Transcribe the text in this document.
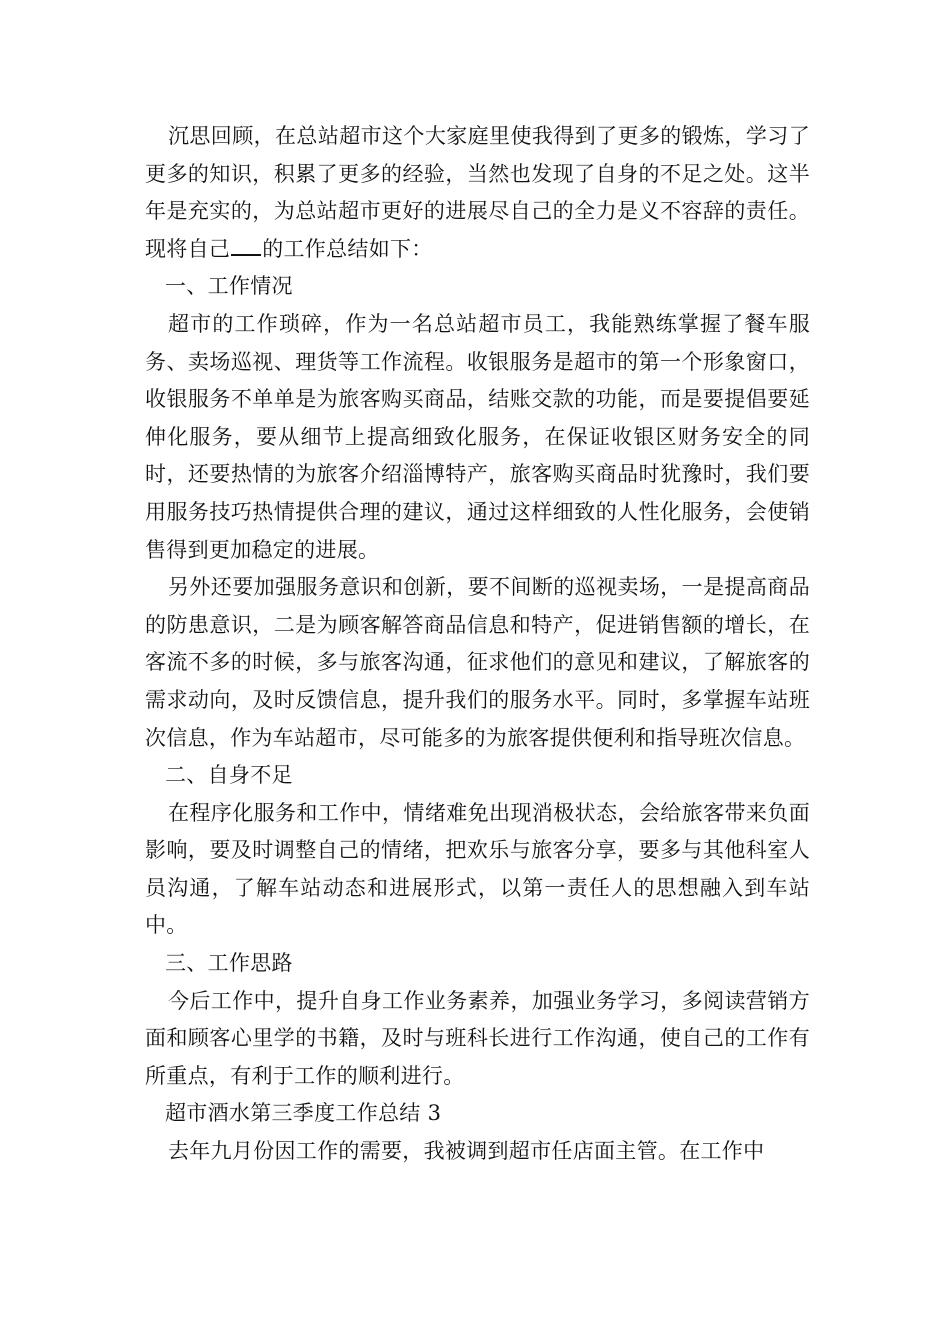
沉思回顾，在总站超市这个大家庭里使我得到了更多的锻炼，学习了更多的知识，积累了更多的经验，当然也发现了自身的不足之处。这半年是充实的，为总站超市更好的进展尽自己的全力是义不容辞的责任。现将自己 的工作总结如下：

一、工作情况

超市的工作琐碎，作为一名总站超市员工，我能熟练掌握了餐车服务、卖场巡视、理货等工作流程。收银服务是超市的第一个形象窗口，收银服务不单单是为旅客购买商品，结账交款的功能，而是要提倡要延伸化服务，要从细节上提高细致化服务，在保证收银区财务安全的同时，还要热情的为旅客介绍淄博特产，旅客购买商品时犹豫时，我们要用服务技巧热情提供合理的建议，通过这样细致的人性化服务，会使销售得到更加稳定的进展。

另外还要加强服务意识和创新，要不间断的巡视卖场，一是提高商品的防患意识，二是为顾客解答商品信息和特产，促进销售额的增长，在客流不多的时候，多与旅客沟通，征求他们的意见和建议，了解旅客的需求动向，及时反馈信息，提升我们的服务水平。同时，多掌握车站班次信息，作为车站超市，尽可能多的为旅客提供便利和指导班次信息。

二、自身不足

在程序化服务和工作中，情绪难免出现消极状态，会给旅客带来负面影响，要及时调整自己的情绪，把欢乐与旅客分享，要多与其他科室人员沟通，了解车站动态和进展形式，以第一责任人的思想融入到车站中。

三、工作思路

今后工作中，提升自身工作业务素养，加强业务学习，多阅读营销方面和顾客心里学的书籍，及时与班科长进行工作沟通，使自己的工作有所重点，有利于工作的顺利进行。

超市酒水第三季度工作总结 3

去年九月份因工作的需要，我被调到超市任店面主管。在工作中
